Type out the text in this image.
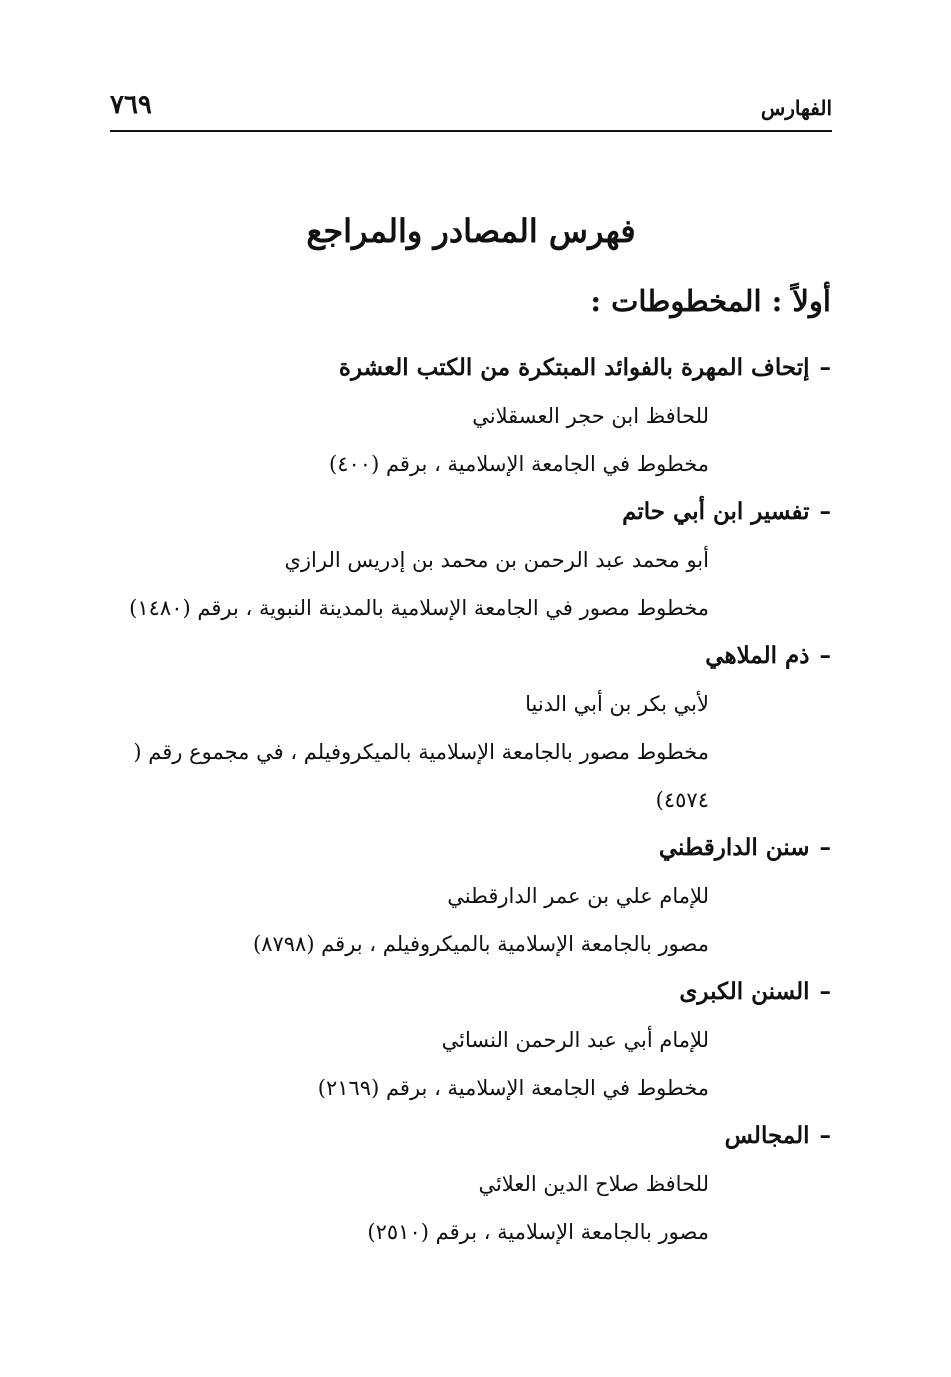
الفهارس
٧٦٩
فهرس المصادر والمراجع
أولاً : المخطوطات :
–إتحاف المهرة بالفوائد المبتكرة من الكتب العشرة
للحافظ ابن حجر العسقلاني
مخطوط في الجامعة الإسلامية ، برقم (٤٠٠)
–تفسير ابن أبي حاتم
أبو محمد عبد الرحمن بن محمد بن إدريس الرازي
مخطوط مصور في الجامعة الإسلامية بالمدينة النبوية ، برقم (١٤٨٠)
–ذم الملاهي
لأبي بكر بن أبي الدنيا
مخطوط مصور بالجامعة الإسلامية بالميكروفيلم ، في مجموع رقم (
٤٥٧٤)
–سنن الدارقطني
للإمام علي بن عمر الدارقطني
مصور بالجامعة الإسلامية بالميكروفيلم ، برقم (٨٧٩٨)
–السنن الكبرى
للإمام أبي عبد الرحمن النسائي
مخطوط في الجامعة الإسلامية ، برقم (٢١٦٩)
–المجالس
للحافظ صلاح الدين العلائي
مصور بالجامعة الإسلامية ، برقم (٢٥١٠)
